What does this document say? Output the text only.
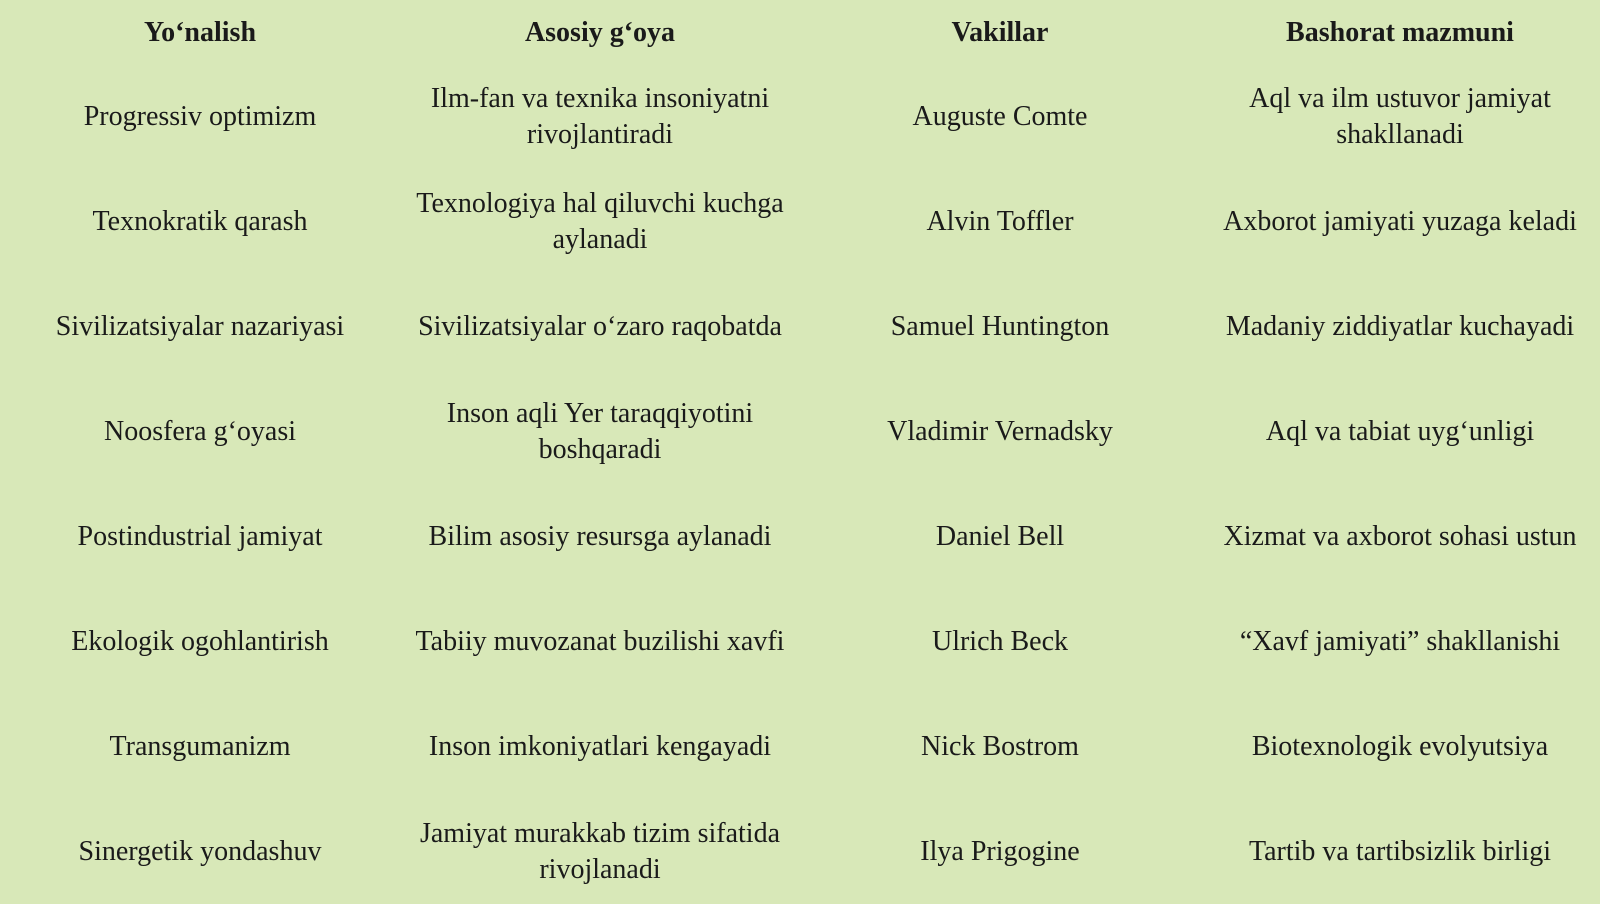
Yo‘nalish	Asosiy g‘oya	Vakillar	Bashorat mazmuni
Progressiv optimizm	Ilm-fan va texnika insoniyatni rivojlantiradi	Auguste Comte	Aql va ilm ustuvor jamiyat shakllanadi
Texnokratik qarash	Texnologiya hal qiluvchi kuchga aylanadi	Alvin Toffler	Axborot jamiyati yuzaga keladi
Sivilizatsiyalar nazariyasi	Sivilizatsiyalar o‘zaro raqobatda	Samuel Huntington	Madaniy ziddiyatlar kuchayadi
Noosfera g‘oyasi	Inson aqli Yer taraqqiyotini boshqaradi	Vladimir Vernadsky	Aql va tabiat uyg‘unligi
Postindustrial jamiyat	Bilim asosiy resursga aylanadi	Daniel Bell	Xizmat va axborot sohasi ustun
Ekologik ogohlantirish	Tabiiy muvozanat buzilishi xavfi	Ulrich Beck	“Xavf jamiyati” shakllanishi
Transgumanizm	Inson imkoniyatlari kengayadi	Nick Bostrom	Biotexnologik evolyutsiya
Sinergetik yondashuv	Jamiyat murakkab tizim sifatida rivojlanadi	Ilya Prigogine	Tartib va tartibsizlik birligi
